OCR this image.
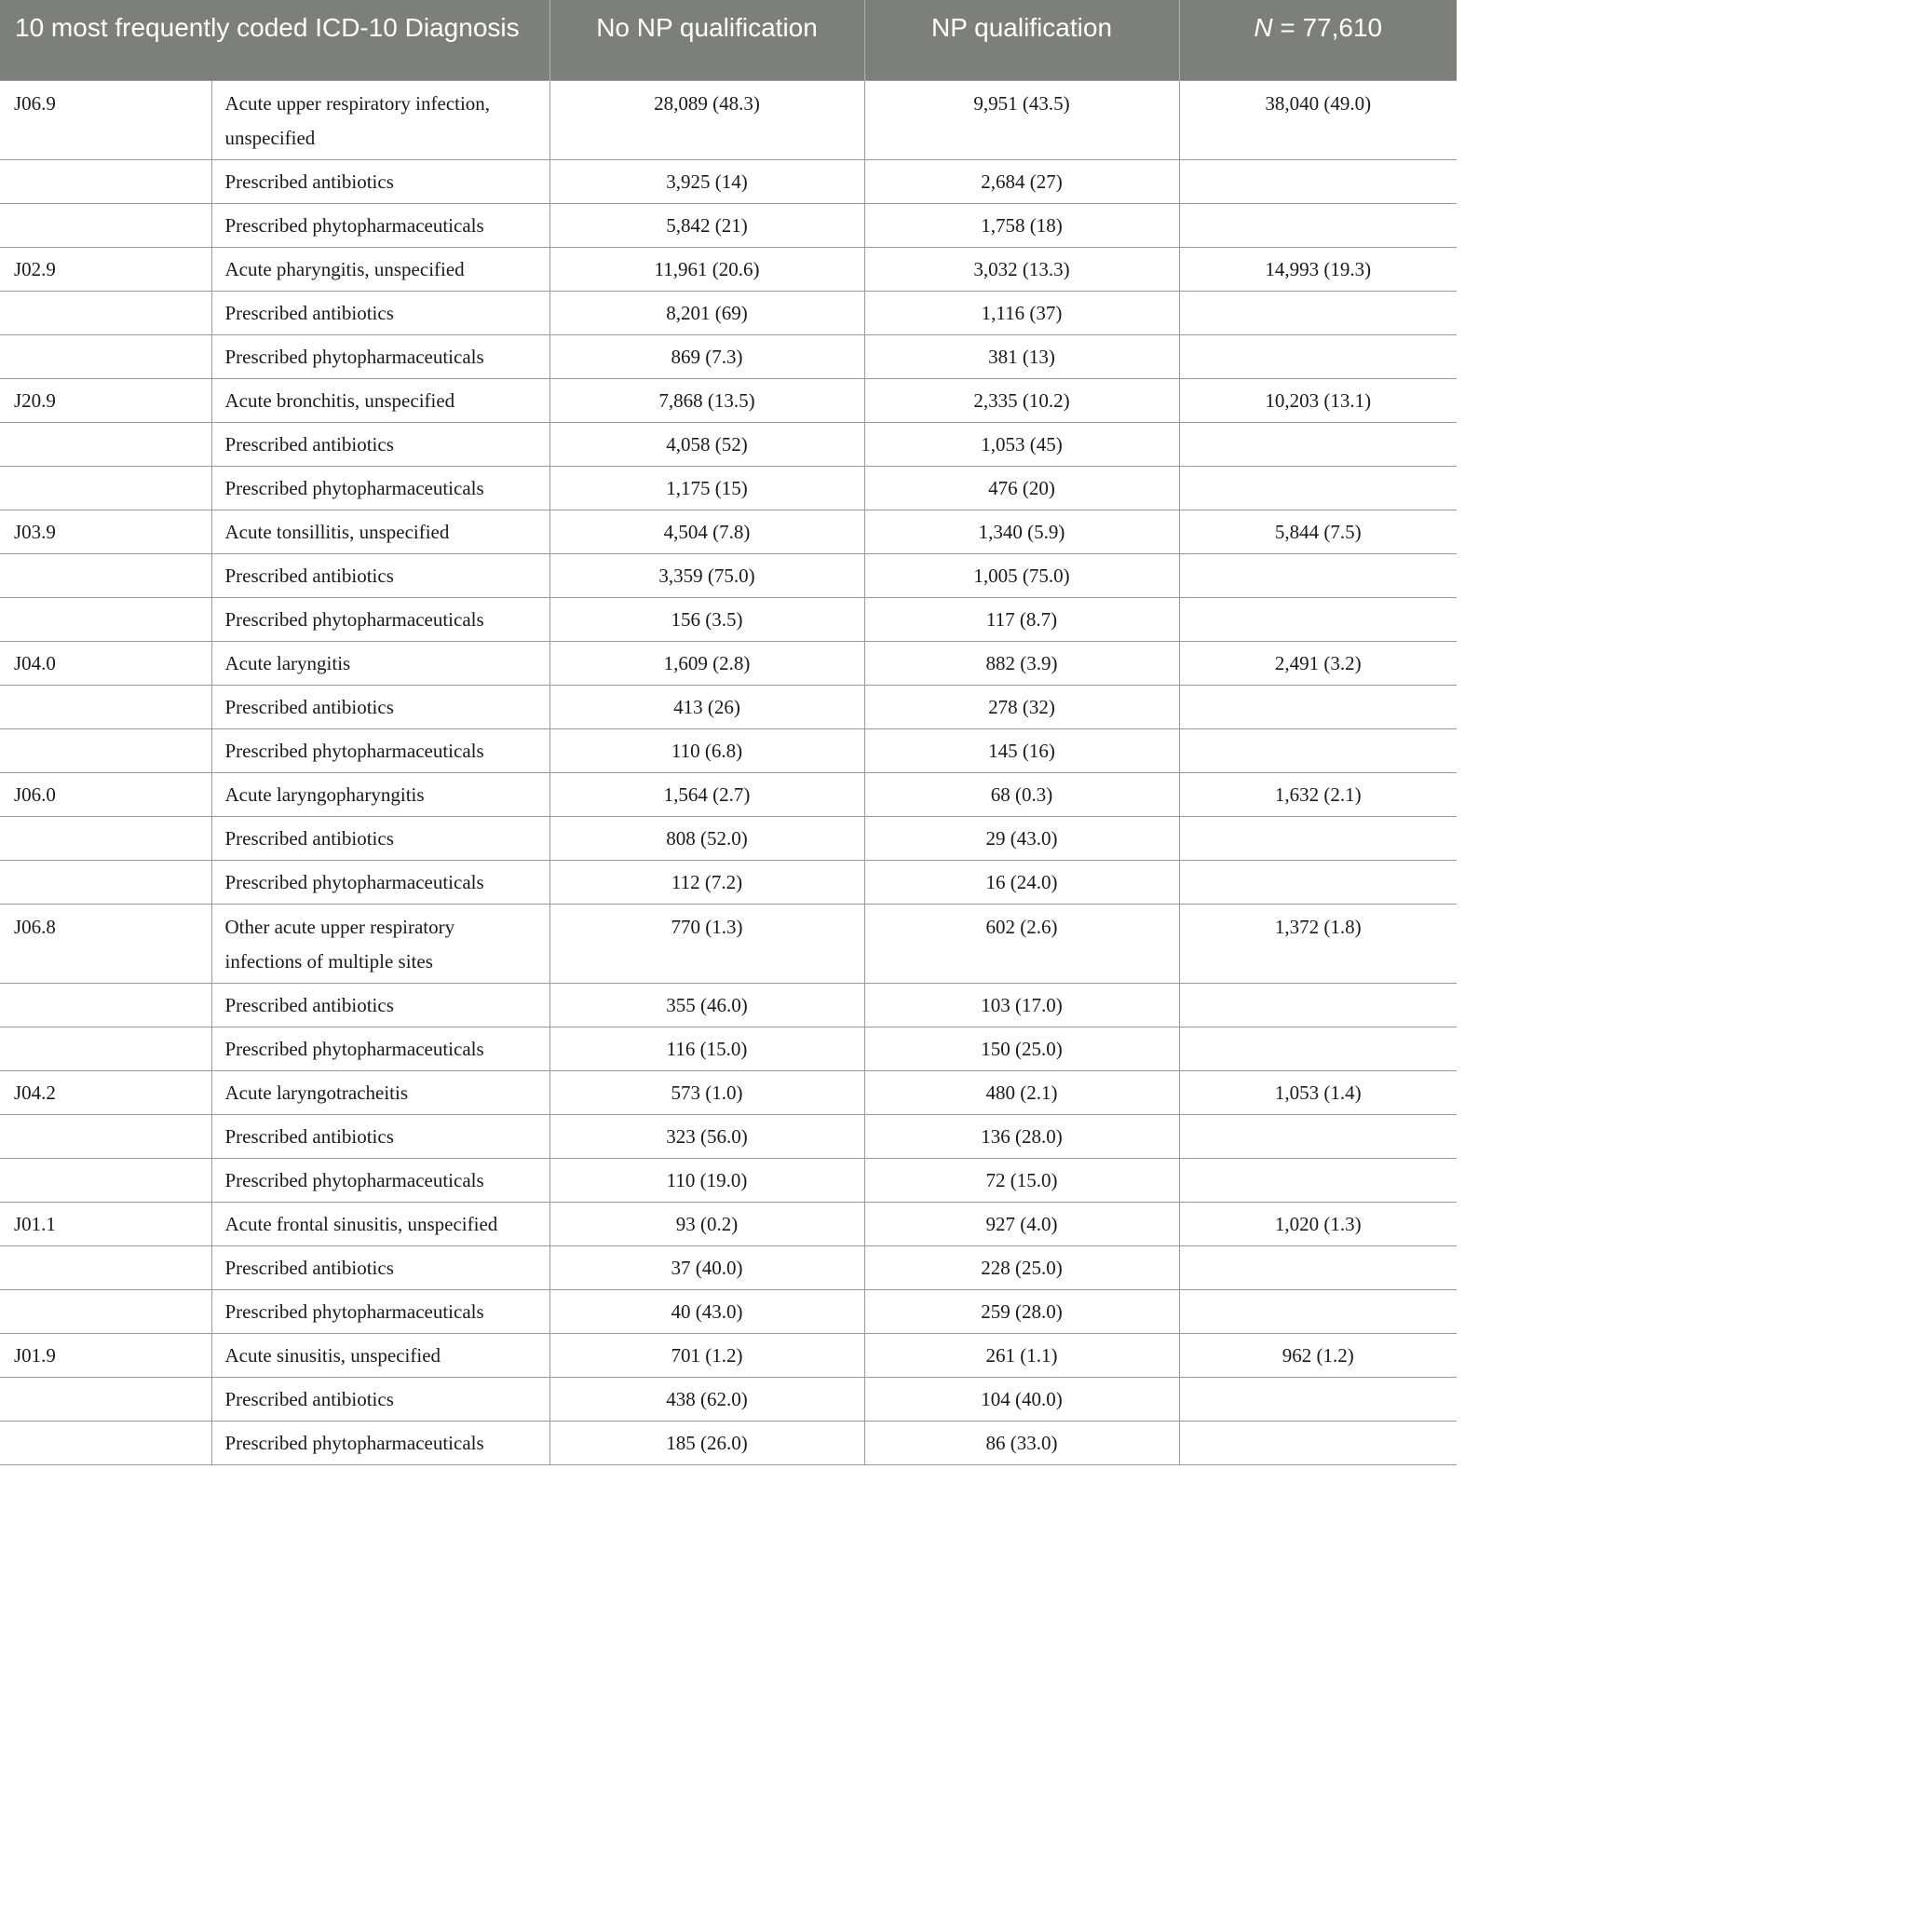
10 most frequently coded ICD-10 Diagnosis		No NP qualification	NP qualification	N = 77,610
J06.9	Acute upper respiratory infection, unspecified	28,089 (48.3)	9,951 (43.5)	38,040 (49.0)
	Prescribed antibiotics	3,925 (14)	2,684 (27)	
	Prescribed phytopharmaceuticals	5,842 (21)	1,758 (18)	
J02.9	Acute pharyngitis, unspecified	11,961 (20.6)	3,032 (13.3)	14,993 (19.3)
	Prescribed antibiotics	8,201 (69)	1,116 (37)	
	Prescribed phytopharmaceuticals	869 (7.3)	381 (13)	
J20.9	Acute bronchitis, unspecified	7,868 (13.5)	2,335 (10.2)	10,203 (13.1)
	Prescribed antibiotics	4,058 (52)	1,053 (45)	
	Prescribed phytopharmaceuticals	1,175 (15)	476 (20)	
J03.9	Acute tonsillitis, unspecified	4,504 (7.8)	1,340 (5.9)	5,844 (7.5)
	Prescribed antibiotics	3,359 (75.0)	1,005 (75.0)	
	Prescribed phytopharmaceuticals	156 (3.5)	117 (8.7)	
J04.0	Acute laryngitis	1,609 (2.8)	882 (3.9)	2,491 (3.2)
	Prescribed antibiotics	413 (26)	278 (32)	
	Prescribed phytopharmaceuticals	110 (6.8)	145 (16)	
J06.0	Acute laryngopharyngitis	1,564 (2.7)	68 (0.3)	1,632 (2.1)
	Prescribed antibiotics	808 (52.0)	29 (43.0)	
	Prescribed phytopharmaceuticals	112 (7.2)	16 (24.0)	
J06.8	Other acute upper respiratory infections of multiple sites	770 (1.3)	602 (2.6)	1,372 (1.8)
	Prescribed antibiotics	355 (46.0)	103 (17.0)	
	Prescribed phytopharmaceuticals	116 (15.0)	150 (25.0)	
J04.2	Acute laryngotracheitis	573 (1.0)	480 (2.1)	1,053 (1.4)
	Prescribed antibiotics	323 (56.0)	136 (28.0)	
	Prescribed phytopharmaceuticals	110 (19.0)	72 (15.0)	
J01.1	Acute frontal sinusitis, unspecified	93 (0.2)	927 (4.0)	1,020 (1.3)
	Prescribed antibiotics	37 (40.0)	228 (25.0)	
	Prescribed phytopharmaceuticals	40 (43.0)	259 (28.0)	
J01.9	Acute sinusitis, unspecified	701 (1.2)	261 (1.1)	962 (1.2)
	Prescribed antibiotics	438 (62.0)	104 (40.0)	
	Prescribed phytopharmaceuticals	185 (26.0)	86 (33.0)	
